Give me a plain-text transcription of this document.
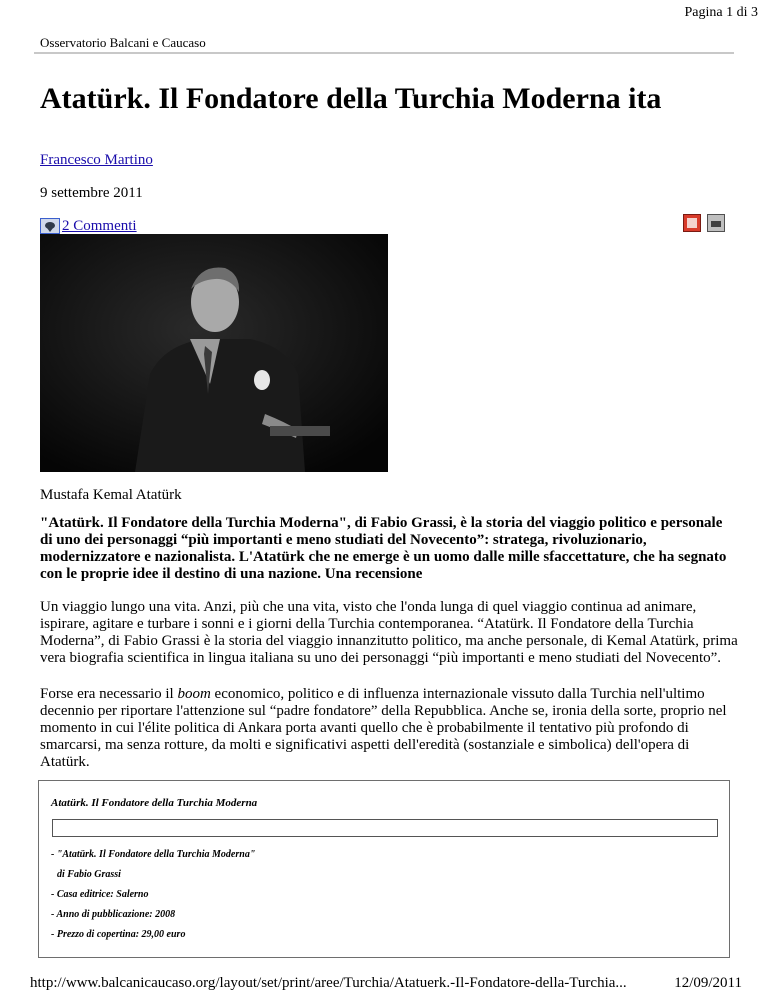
Pagina 1 di 3
Osservatorio Balcani e Caucaso
Atatürk. Il Fondatore della Turchia Moderna ita
Francesco Martino
9 settembre 2011
2 Commenti
Mustafa Kemal Atatürk

"Atatürk. Il Fondatore della Turchia Moderna", di Fabio Grassi, è la storia del viaggio politico e personale di uno dei personaggi “più importanti e meno studiati del Novecento”: stratega, rivoluzionario, modernizzatore e nazionalista. L'Atatürk che ne emerge è un uomo dalle mille sfaccettature, che ha segnato con le proprie idee il destino di una nazione. Una recensione

Un viaggio lungo una vita. Anzi, più che una vita, visto che l'onda lunga di quel viaggio continua ad animare, ispirare, agitare e turbare i sonni e i giorni della Turchia contemporanea. “Atatürk. Il Fondatore della Turchia Moderna”, di Fabio Grassi è la storia del viaggio innanzitutto politico, ma anche personale, di Kemal Atatürk, prima vera biografia scientifica in lingua italiana su uno dei personaggi “più importanti e meno studiati del Novecento”.

Forse era necessario il boom economico, politico e di influenza internazionale vissuto dalla Turchia nell'ultimo decennio per riportare l'attenzione sul “padre fondatore” della Repubblica. Anche se, ironia della sorte, proprio nel momento in cui l'élite politica di Ankara porta avanti quello che è probabilmente il tentativo più profondo di smarcarsi, ma senza rotture, da molti e significativi aspetti dell'eredità (sostanziale e simbolica) dell'opera di Atatürk.

Atatürk. Il Fondatore della Turchia Moderna
- "Atatürk. Il Fondatore della Turchia Moderna"
di Fabio Grassi
- Casa editrice: Salerno
- Anno di pubblicazione: 2008
- Prezzo di copertina: 29,00 euro
http://www.balcanicaucaso.org/layout/set/print/aree/Turchia/Atatuerk.-Il-Fondatore-della-Turchia...	12/09/2011
